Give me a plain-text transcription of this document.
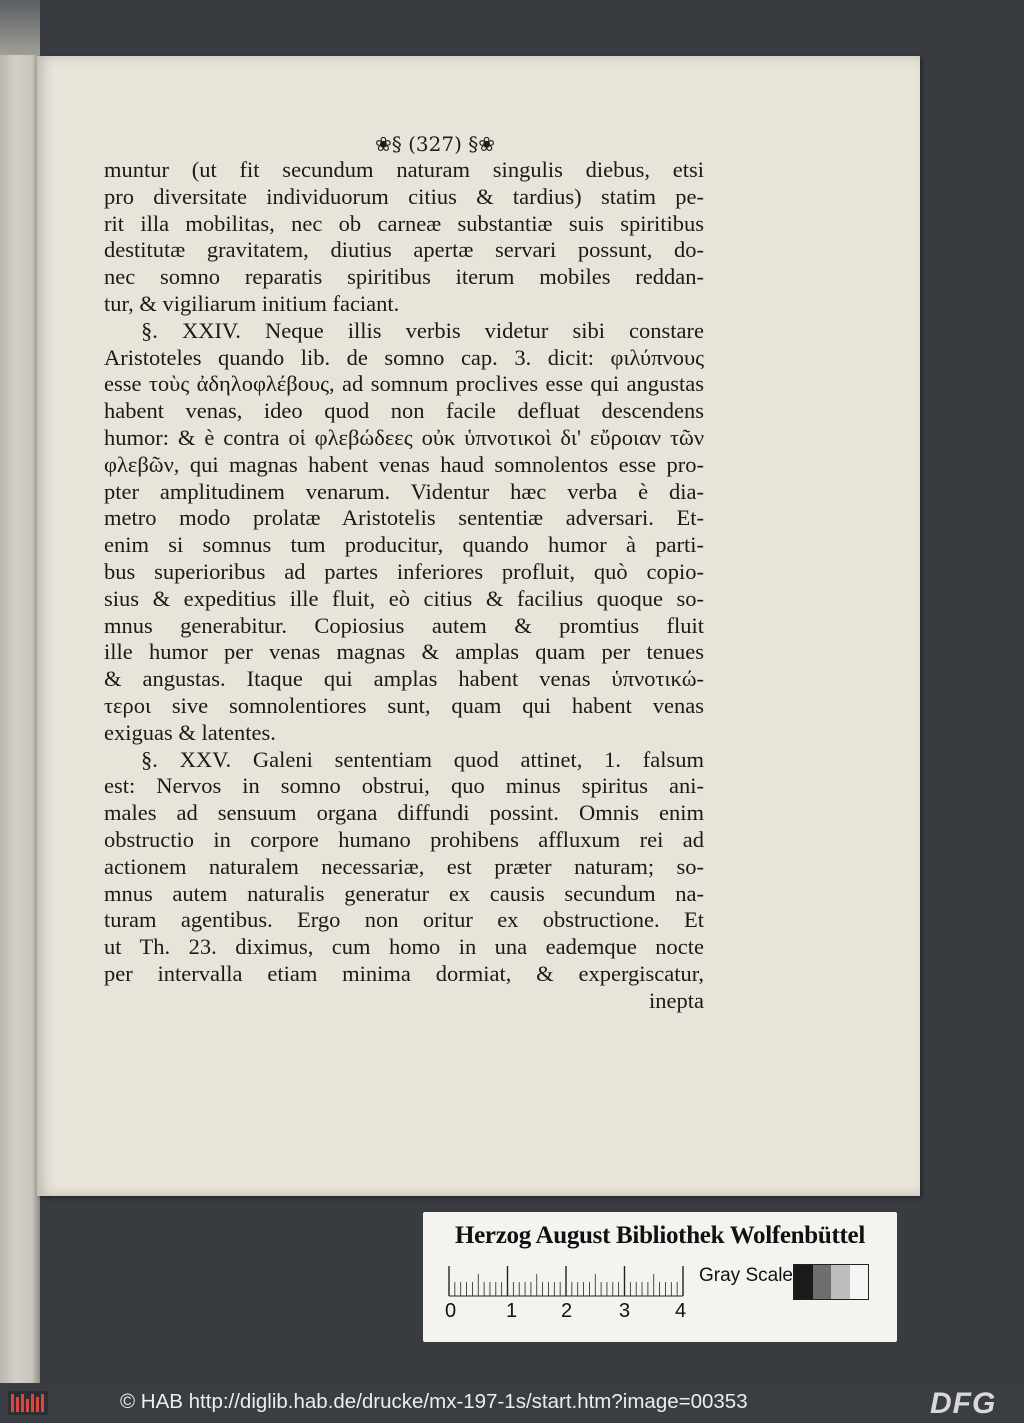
❀§ (327) §❀
muntur (ut fit secundum naturam singulis diebus, etsi
pro diversitate individuorum citius & tardius) statim pe-
rit illa mobilitas, nec ob carneæ substantiæ suis spiritibus
destitutæ gravitatem, diutius apertæ servari possunt, do-
nec somno reparatis spiritibus iterum mobiles reddan-
tur, & vigiliarum initium faciant.
§. XXIV. Neque illis verbis videtur sibi constare
Aristoteles quando lib. de somno cap. 3. dicit: φιλύπνους
esse τοὺς ἀδηλοφλέβους, ad somnum proclives esse qui angustas
habent venas, ideo quod non facile defluat descendens
humor: & è contra οἱ φλεβώδεες οὐκ ὑπνοτικοὶ δι' εὔροιαν τῶν
φλεβῶν, qui magnas habent venas haud somnolentos esse pro-
pter amplitudinem venarum. Videntur hæc verba è dia-
metro modo prolatæ Aristotelis sententiæ adversari. Et-
enim si somnus tum producitur, quando humor à parti-
bus superioribus ad partes inferiores profluit, quò copio-
sius & expeditius ille fluit, eò citius & facilius quoque so-
mnus generabitur. Copiosius autem & promtius fluit
ille humor per venas magnas & amplas quam per tenues
& angustas. Itaque qui amplas habent venas ὑπνοτικώ-
τεροι sive somnolentiores sunt, quam qui habent venas
exiguas & latentes.
§. XXV. Galeni sententiam quod attinet, 1. falsum
est: Nervos in somno obstrui, quo minus spiritus ani-
males ad sensuum organa diffundi possint. Omnis enim
obstructio in corpore humano prohibens affluxum rei ad
actionem naturalem necessariæ, est præter naturam; so-
mnus autem naturalis generatur ex causis secundum na-
turam agentibus. Ergo non oritur ex obstructione. Et
ut Th. 23. diximus, cum homo in una eademque nocte
per intervalla etiam minima dormiat, & expergiscatur,
inepta
Herzog August Bibliothek Wolfenbüttel
0 1 2 3 4
Gray Scale
© HAB http://diglib.hab.de/drucke/mx-197-1s/start.htm?image=00353	DFG
